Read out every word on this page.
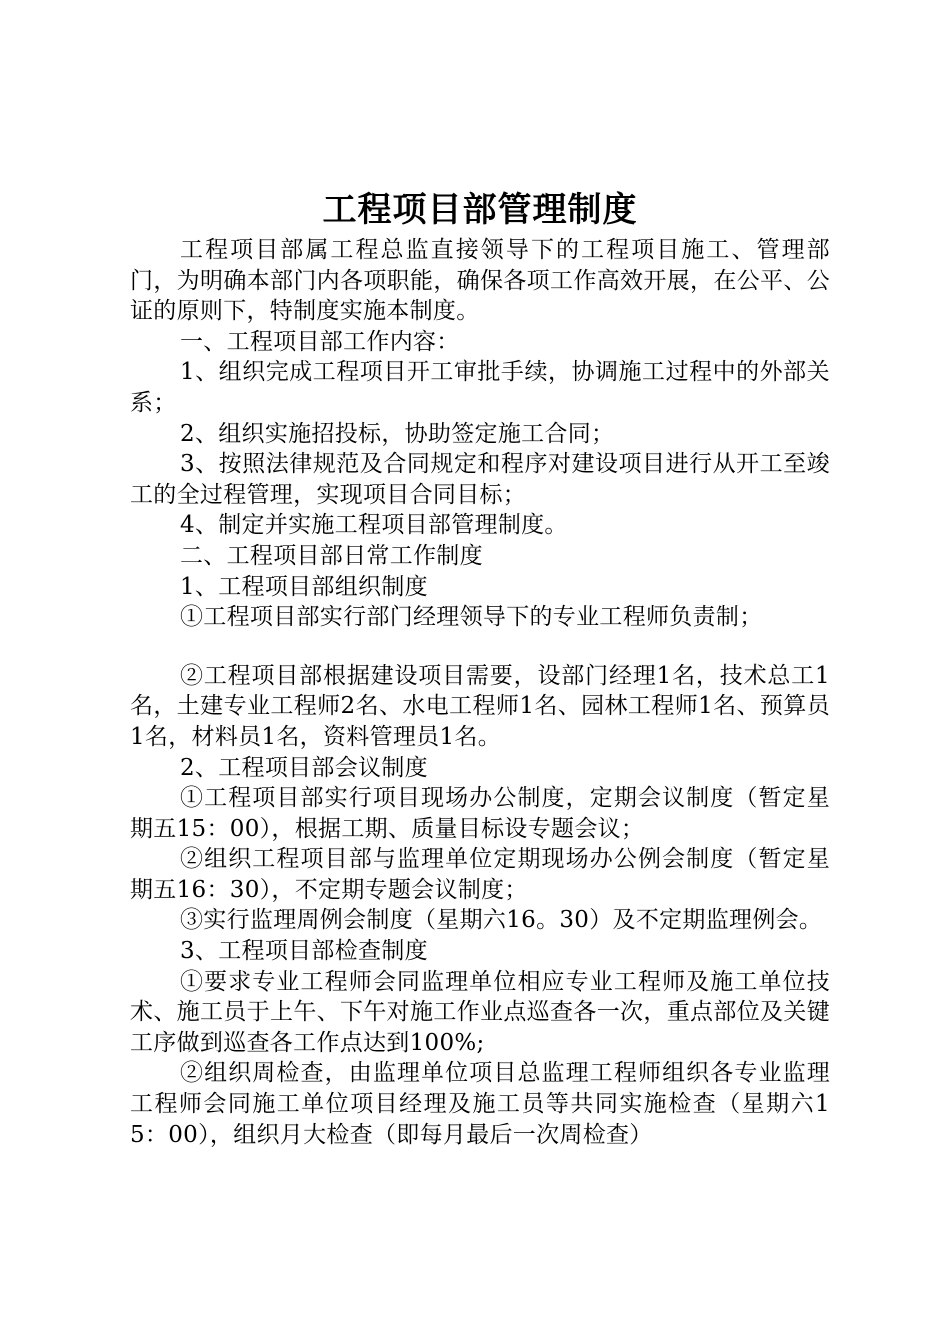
工程项目部管理制度

工程项目部属工程总监直接领导下的工程项目施工、管理部门，为明确本部门内各项职能，确保各项工作高效开展，在公平、公证的原则下，特制度实施本制度。

一、工程项目部工作内容：

1、组织完成工程项目开工审批手续，协调施工过程中的外部关系；

2、组织实施招投标，协助签定施工合同；

3、按照法律规范及合同规定和程序对建设项目进行从开工至竣工的全过程管理，实现项目合同目标；

4、制定并实施工程项目部管理制度。

二、工程项目部日常工作制度

1、工程项目部组织制度

①工程项目部实行部门经理领导下的专业工程师负责制；

②工程项目部根据建设项目需要，设部门经理1名，技术总工1名，土建专业工程师2名、水电工程师1名、园林工程师1名、预算员1名，材料员1名，资料管理员1名。

2、工程项目部会议制度

①工程项目部实行项目现场办公制度，定期会议制度（暂定星期五15：00），根据工期、质量目标设专题会议；

②组织工程项目部与监理单位定期现场办公例会制度（暂定星期五16：30），不定期专题会议制度；

③实行监理周例会制度（星期六16。30）及不定期监理例会。

3、工程项目部检查制度

①要求专业工程师会同监理单位相应专业工程师及施工单位技术、施工员于上午、下午对施工作业点巡查各一次，重点部位及关键工序做到巡查各工作点达到100%;

②组织周检查，由监理单位项目总监理工程师组织各专业监理工程师会同施工单位项目经理及施工员等共同实施检查（星期六15：00），组织月大检查（即每月最后一次周检查）
